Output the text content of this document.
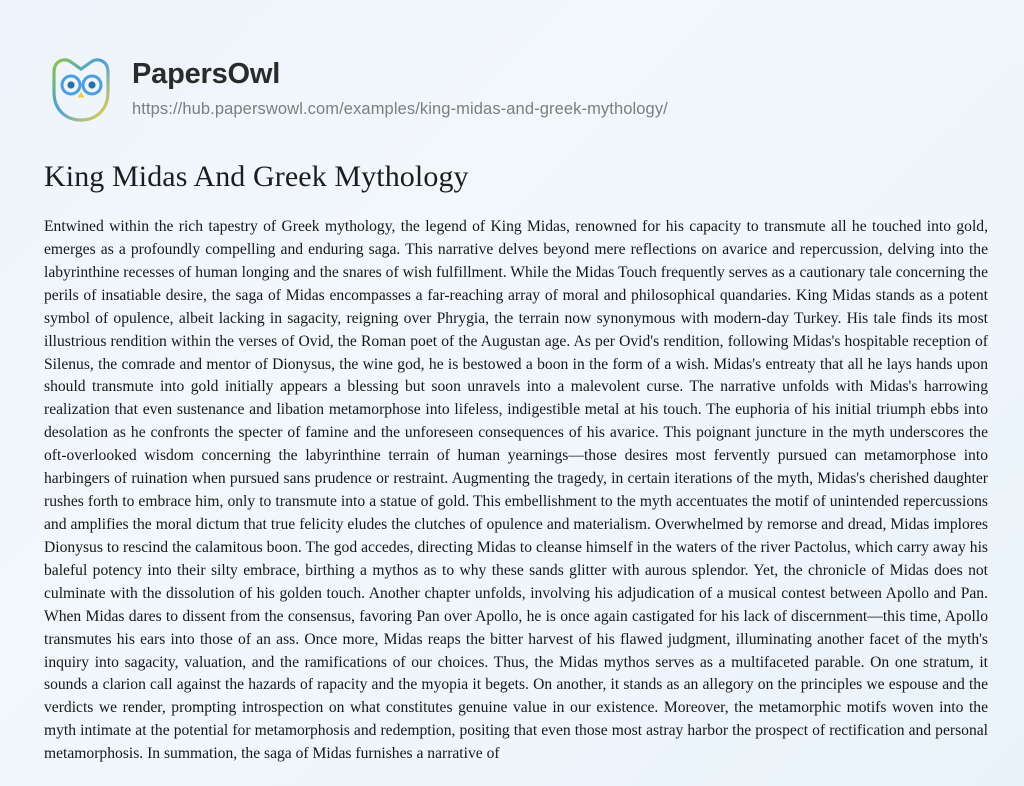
PapersOwl
https://hub.paperswowl.com/examples/king-midas-and-greek-mythology/
King Midas And Greek Mythology

Entwined within the rich tapestry of Greek mythology, the legend of King Midas, renowned for his capacity to transmute all he touched into gold, emerges as a profoundly compelling and enduring saga. This narrative delves beyond mere reflections on avarice and repercussion, delving into the labyrinthine recesses of human longing and the snares of wish fulfillment. While the Midas Touch frequently serves as a cautionary tale concerning the perils of insatiable desire, the saga of Midas encompasses a far-reaching array of moral and philosophical quandaries. King Midas stands as a potent symbol of opulence, albeit lacking in sagacity, reigning over Phrygia, the terrain now synonymous with modern-day Turkey. His tale finds its most illustrious rendition within the verses of Ovid, the Roman poet of the Augustan age. As per Ovid's rendition, following Midas's hospitable reception of Silenus, the comrade and mentor of Dionysus, the wine god, he is bestowed a boon in the form of a wish. Midas's entreaty that all he lays hands upon should transmute into gold initially appears a blessing but soon unravels into a malevolent curse. The narrative unfolds with Midas's harrowing realization that even sustenance and libation metamorphose into lifeless, indigestible metal at his touch. The euphoria of his initial triumph ebbs into desolation as he confronts the specter of famine and the unforeseen consequences of his avarice. This poignant juncture in the myth underscores the oft-overlooked wisdom concerning the labyrinthine terrain of human yearnings—those desires most fervently pursued can metamorphose into harbingers of ruination when pursued sans prudence or restraint. Augmenting the tragedy, in certain iterations of the myth, Midas's cherished daughter rushes forth to embrace him, only to transmute into a statue of gold. This embellishment to the myth accentuates the motif of unintended repercussions and amplifies the moral dictum that true felicity eludes the clutches of opulence and materialism. Overwhelmed by remorse and dread, Midas implores Dionysus to rescind the calamitous boon. The god accedes, directing Midas to cleanse himself in the waters of the river Pactolus, which carry away his baleful potency into their silty embrace, birthing a mythos as to why these sands glitter with aurous splendor. Yet, the chronicle of Midas does not culminate with the dissolution of his golden touch. Another chapter unfolds, involving his adjudication of a musical contest between Apollo and Pan. When Midas dares to dissent from the consensus, favoring Pan over Apollo, he is once again castigated for his lack of discernment—this time, Apollo transmutes his ears into those of an ass. Once more, Midas reaps the bitter harvest of his flawed judgment, illuminating another facet of the myth's inquiry into sagacity, valuation, and the ramifications of our choices. Thus, the Midas mythos serves as a multifaceted parable. On one stratum, it sounds a clarion call against the hazards of rapacity and the myopia it begets. On another, it stands as an allegory on the principles we espouse and the verdicts we render, prompting introspection on what constitutes genuine value in our existence. Moreover, the metamorphic motifs woven into the myth intimate at the potential for metamorphosis and redemption, positing that even those most astray harbor the prospect of rectification and personal metamorphosis. In summation, the saga of Midas furnishes a narrative of
